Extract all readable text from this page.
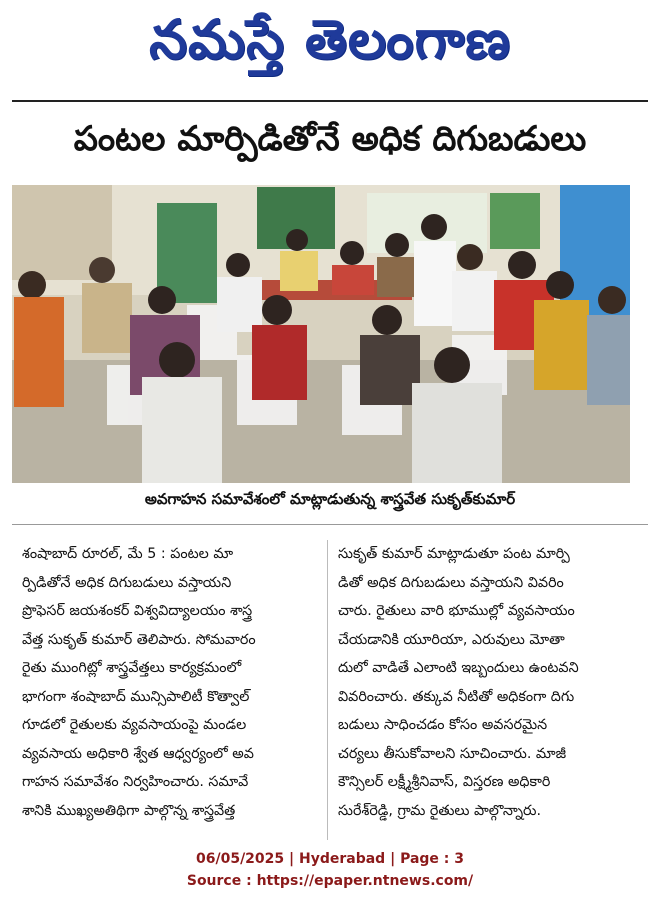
నమస్తే తెలంగాణ
పంటల మార్పిడితోనే అధిక దిగుబడులు
అవగాహన సమావేశంలో మాట్లాడుతున్న శాస్త్రవేత సుకృత్‌కుమార్

శంషాబాద్ రూరల్, మే 5 : పంటల మా

ర్పిడితోనే అధిక దిగుబడులు వస్తాయని

ప్రొఫెసర్ జయశంకర్ విశ్వవిద్యాలయం శాస్త్ర

వేత్త సుకృత్ కుమార్ తెలిపారు. సోమవారం

రైతు ముంగిట్లో శాస్త్రవేత్తలు కార్యక్రమంలో

భాగంగా శంషాబాద్ మున్సిపాలిటీ కొత్వాల్

గూడలో రైతులకు వ్యవసాయంపై మండల

వ్యవసాయ అధికారి శ్వేత ఆధ్వర్యంలో అవ

గాహన సమావేశం నిర్వహించారు. సమావే

శానికి ముఖ్యఅతిథిగా పాల్గొన్న శాస్త్రవేత్త

సుకృత్ కుమార్ మాట్లాడుతూ పంట మార్పి

డితో అధిక దిగుబడులు వస్తాయని వివరిం

చారు. రైతులు వారి భూముల్లో వ్యవసాయం

చేయడానికి యూరియా, ఎరువులు మోతా

దులో వాడితే ఎలాంటి ఇబ్బందులు ఉంటవని

వివరించారు. తక్కువ నీటితో అధికంగా దిగు

బడులు సాధించడం కోసం అవసరమైన

చర్యలు తీసుకోవాలని సూచించారు. మాజీ

కౌన్సిలర్ లక్ష్మీశ్రీనివాస్, విస్తరణ అధికారి

సురేశ్‌రెడ్డి, గ్రామ రైతులు పాల్గొన్నారు.

06/05/2025 | Hyderabad | Page : 3
Source : https://epaper.ntnews.com/
